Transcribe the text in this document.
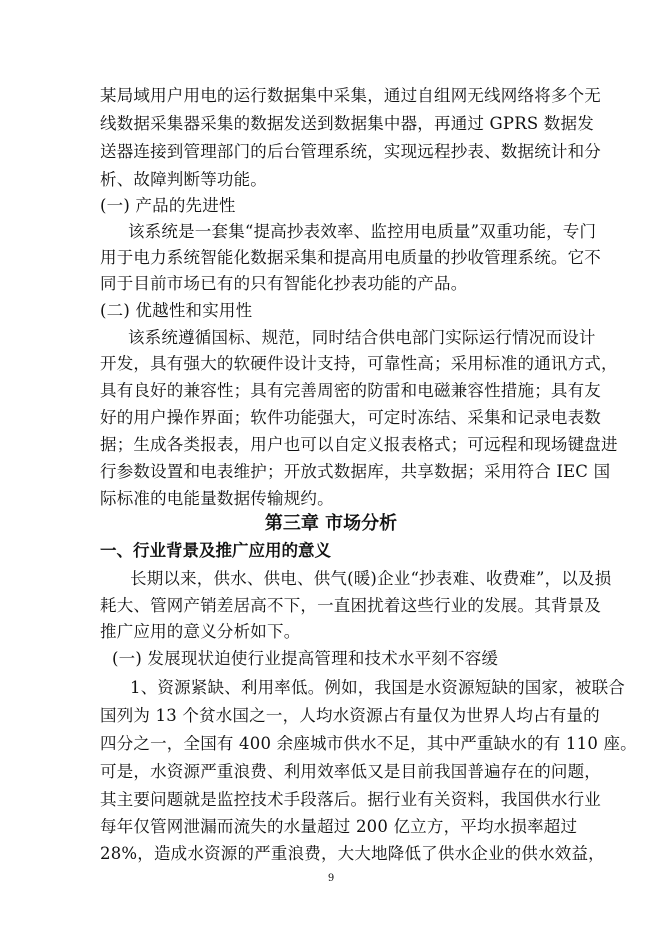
某局域用户用电的运行数据集中采集，通过自组网无线网络将多个无
线数据采集器采集的数据发送到数据集中器，再通过 GPRS 数据发
送器连接到管理部门的后台管理系统，实现远程抄表、数据统计和分
析、故障判断等功能。
(一) 产品的先进性
该系统是一套集“提高抄表效率、监控用电质量”双重功能，专门
用于电力系统智能化数据采集和提高用电质量的抄收管理系统。它不
同于目前市场已有的只有智能化抄表功能的产品。
(二) 优越性和实用性
该系统遵循国标、规范，同时结合供电部门实际运行情况而设计
开发，具有强大的软硬件设计支持，可靠性高；采用标准的通讯方式，
具有良好的兼容性；具有完善周密的防雷和电磁兼容性措施；具有友
好的用户操作界面；软件功能强大，可定时冻结、采集和记录电表数
据；生成各类报表，用户也可以自定义报表格式；可远程和现场键盘进
行参数设置和电表维护；开放式数据库，共享数据；采用符合 IEC 国
际标准的电能量数据传输规约。
第三章 市场分析
一、行业背景及推广应用的意义
长期以来，供水、供电、供气(暖)企业“抄表难、收费难”，以及损
耗大、管网产销差居高不下，一直困扰着这些行业的发展。其背景及
推广应用的意义分析如下。
(一) 发展现状迫使行业提高管理和技术水平刻不容缓
1、资源紧缺、利用率低。例如，我国是水资源短缺的国家，被联合
国列为 13 个贫水国之一，人均水资源占有量仅为世界人均占有量的
四分之一，全国有 400 余座城市供水不足，其中严重缺水的有 110 座。
可是，水资源严重浪费、利用效率低又是目前我国普遍存在的问题，
其主要问题就是监控技术手段落后。据行业有关资料，我国供水行业
每年仅管网泄漏而流失的水量超过 200 亿立方，平均水损率超过
28%，造成水资源的严重浪费，大大地降低了供水企业的供水效益，
9
